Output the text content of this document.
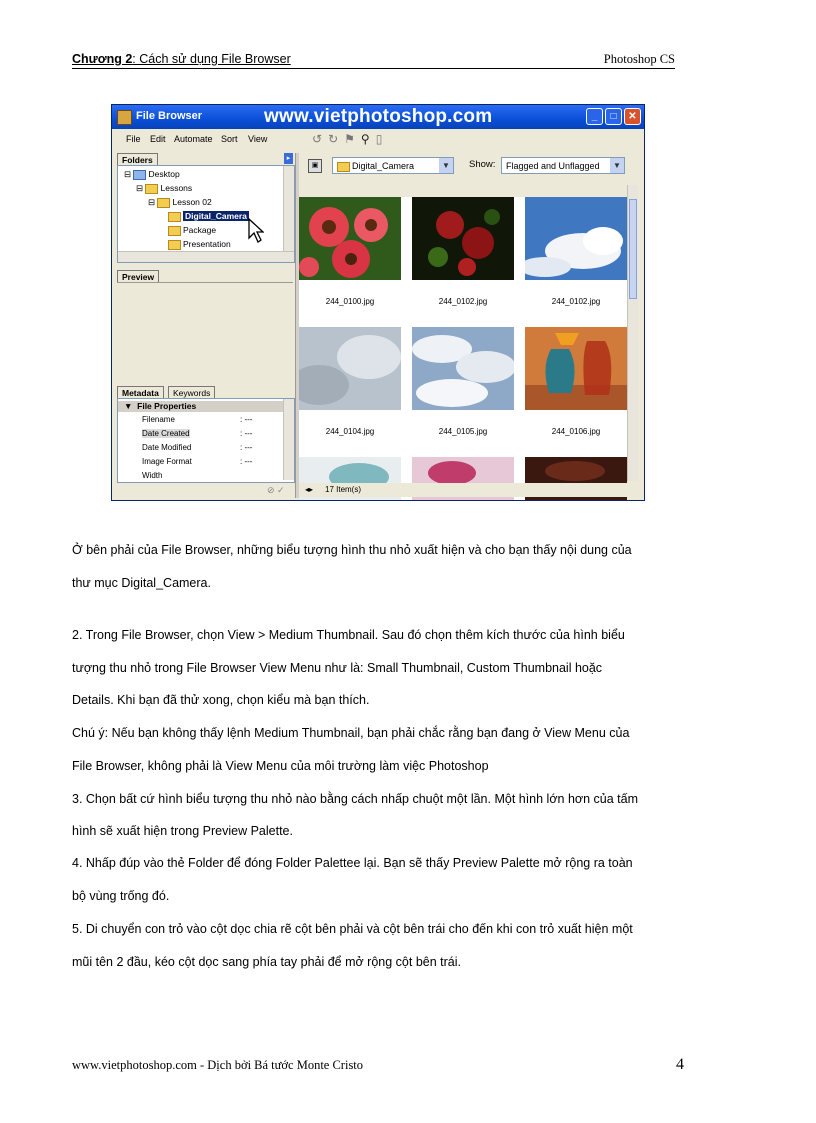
Chương 2: Cách sử dụng File Browser	Photoshop CS
File Browser	www.vietphotoshop.com	_	□	✕
File Edit Automate Sort View	↺↻⚑⚲▯
Folders	▸
⊟ Desktop
⊟ Lessons
⊟ Lesson 02
Digital_Camera
Package
Presentation
Preview
Metadata	Keywords
▼  File Properties
Filename	: ---
Date Created	: ---
Date Modified	: ---
Image Format	: ---
Width
⊘ ✓
▣	Digital_Camera	▼	Show:	Flagged and Unflagged	▼
244_0100.jpg	244_0102.jpg	244_0102.jpg
244_0104.jpg	244_0105.jpg	244_0106.jpg
◂▸ 17 Item(s)
Ở bên phải của File Browser, những biểu tượng hình thu nhỏ xuất hiện và cho bạn thấy nội dung của
thư mục Digital_Camera.
2. Trong File Browser, chọn View > Medium Thumbnail. Sau đó chọn thêm kích thước của hình biểu
tượng thu nhỏ trong File Browser View Menu như là: Small Thumbnail, Custom Thumbnail hoặc
Details. Khi bạn đã thử xong, chọn kiểu mà bạn thích.
Chú ý: Nếu bạn không thấy lệnh Medium Thumbnail, bạn phải chắc rằng bạn đang ở View Menu của
File Browser, không phải là View Menu của môi trường làm việc Photoshop
3. Chọn bất cứ hình biểu tượng thu nhỏ nào bằng cách nhấp chuột một lần. Một hình lớn hơn của tấm
hình sẽ xuất hiện trong Preview Palette.
4. Nhấp đúp vào thẻ Folder để đóng Folder Palettee lại. Bạn sẽ thấy Preview Palette mở rộng ra toàn
bộ vùng trống đó.
5. Di chuyển con trỏ vào cột dọc chia rẽ cột bên phải và cột bên trái cho đến khi con trỏ xuất hiện một
mũi tên 2 đầu, kéo cột dọc sang phía tay phải để mở rộng cột bên trái.
www.vietphotoshop.com - Dịch bởi Bá tước Monte Cristo	4
